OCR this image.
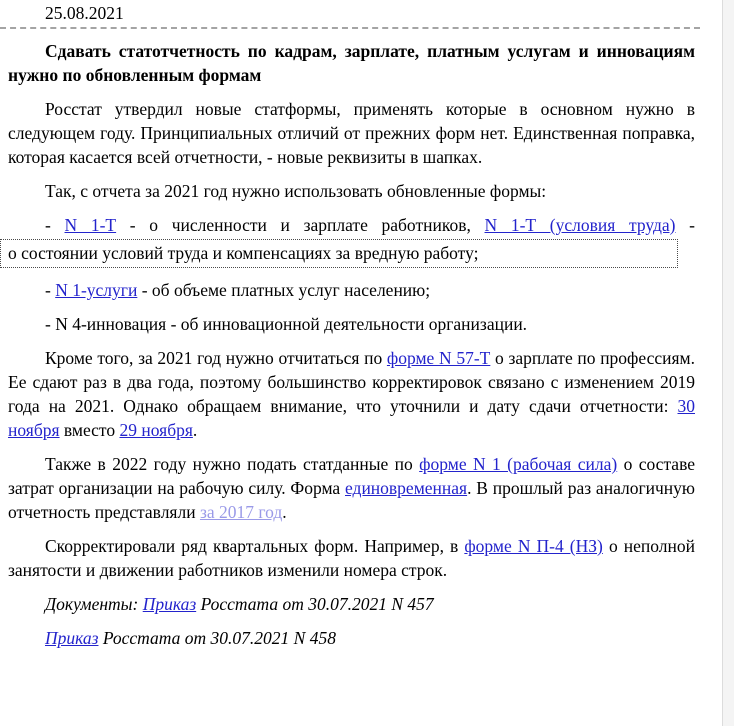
25.08.2021
Сдавать статотчетность по кадрам, зарплате, платным услугам и инновациям нужно по обновленным формам
Росстат утвердил новые статформы, применять которые в основном нужно в следующем году. Принципиальных отличий от прежних форм нет. Единственная поправка, которая касается всей отчетности, - новые реквизиты в шапках.
Так, с отчета за 2021 год нужно использовать обновленные формы:
- N 1-Т - о численности и зарплате работников, N 1-Т (условия труда) -
о состоянии условий труда и компенсациях за вредную работу;
- N 1-услуги - об объеме платных услуг населению;
- N 4-инновация - об инновационной деятельности организации.
Кроме того, за 2021 год нужно отчитаться по форме N 57-Т о зарплате по профессиям. Ее сдают раз в два года, поэтому большинство корректировок связано с изменением 2019 года на 2021. Однако обращаем внимание, что уточнили и дату сдачи отчетности: 30 ноября вместо 29 ноября.
Также в 2022 году нужно подать статданные по форме N 1 (рабочая сила) о составе затрат организации на рабочую силу. Форма единовременная. В прошлый раз аналогичную отчетность представляли за 2017 год.
Скорректировали ряд квартальных форм. Например, в форме N П-4 (НЗ) о неполной занятости и движении работников изменили номера строк.
Документы: Приказ Росстата от 30.07.2021 N 457
Приказ Росстата от 30.07.2021 N 458
